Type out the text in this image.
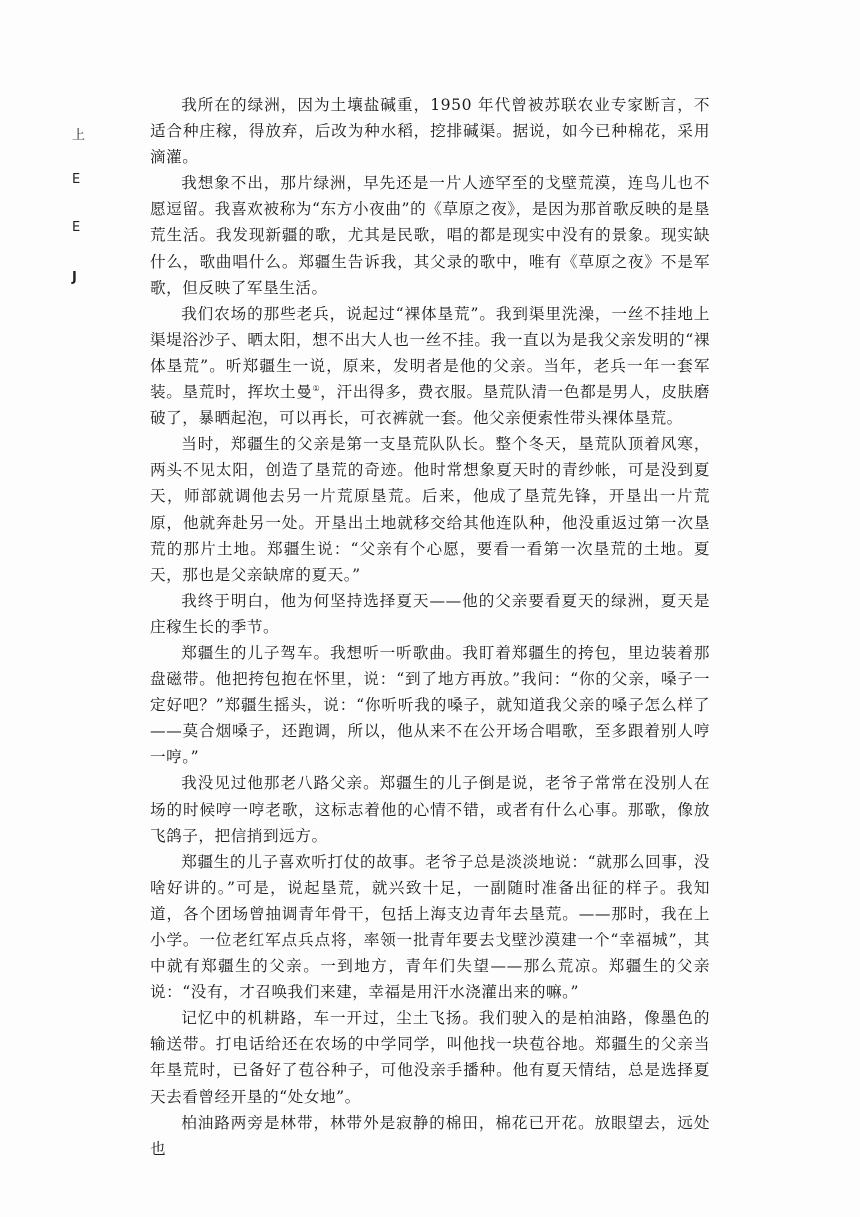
上
E
E
J

我所在的绿洲，因为土壤盐碱重，1950 年代曾被苏联农业专家断言，不适合种庄稼，得放弃，后改为种水稻，挖排碱渠。据说，如今已种棉花，采用滴灌。

我想象不出，那片绿洲，早先还是一片人迹罕至的戈壁荒漠，连鸟儿也不愿逗留。我喜欢被称为“东方小夜曲”的《草原之夜》，是因为那首歌反映的是垦荒生活。我发现新疆的歌，尤其是民歌，唱的都是现实中没有的景象。现实缺什么，歌曲唱什么。郑疆生告诉我，其父录的歌中，唯有《草原之夜》不是军歌，但反映了军垦生活。

我们农场的那些老兵，说起过“裸体垦荒”。我到渠里洗澡，一丝不挂地上渠堤浴沙子、晒太阳，想不出大人也一丝不挂。我一直以为是我父亲发明的“裸体垦荒”。听郑疆生一说，原来，发明者是他的父亲。当年，老兵一年一套军装。垦荒时，挥坎土曼①，汗出得多，费衣服。垦荒队清一色都是男人，皮肤磨破了，暴晒起泡，可以再长，可衣裤就一套。他父亲便索性带头裸体垦荒。

当时，郑疆生的父亲是第一支垦荒队队长。整个冬天，垦荒队顶着风寒，两头不见太阳，创造了垦荒的奇迹。他时常想象夏天时的青纱帐，可是没到夏天，师部就调他去另一片荒原垦荒。后来，他成了垦荒先锋，开垦出一片荒原，他就奔赴另一处。开垦出土地就移交给其他连队种，他没重返过第一次垦荒的那片土地。郑疆生说：“父亲有个心愿，要看一看第一次垦荒的土地。夏天，那也是父亲缺席的夏天。”

我终于明白，他为何坚持选择夏天——他的父亲要看夏天的绿洲，夏天是庄稼生长的季节。

郑疆生的儿子驾车。我想听一听歌曲。我盯着郑疆生的挎包，里边装着那盘磁带。他把挎包抱在怀里，说：“到了地方再放。”我问：“你的父亲，嗓子一定好吧？”郑疆生摇头，说：“你听听我的嗓子，就知道我父亲的嗓子怎么样了——莫合烟嗓子，还跑调，所以，他从来不在公开场合唱歌，至多跟着别人哼一哼。”

我没见过他那老八路父亲。郑疆生的儿子倒是说，老爷子常常在没别人在场的时候哼一哼老歌，这标志着他的心情不错，或者有什么心事。那歌，像放飞鸽子，把信捎到远方。

郑疆生的儿子喜欢听打仗的故事。老爷子总是淡淡地说：“就那么回事，没啥好讲的。”可是，说起垦荒，就兴致十足，一副随时准备出征的样子。我知道，各个团场曾抽调青年骨干，包括上海支边青年去垦荒。——那时，我在上小学。一位老红军点兵点将，率领一批青年要去戈壁沙漠建一个“幸福城”，其中就有郑疆生的父亲。一到地方，青年们失望——那么荒凉。郑疆生的父亲说：“没有，才召唤我们来建，幸福是用汗水浇灌出来的嘛。”

记忆中的机耕路，车一开过，尘土飞扬。我们驶入的是柏油路，像墨色的输送带。打电话给还在农场的中学同学，叫他找一块苞谷地。郑疆生的父亲当年垦荒时，已备好了苞谷种子，可他没亲手播种。他有夏天情结，总是选择夏天去看曾经开垦的“处女地”。

柏油路两旁是林带，林带外是寂静的棉田，棉花已开花。放眼望去，远处也
